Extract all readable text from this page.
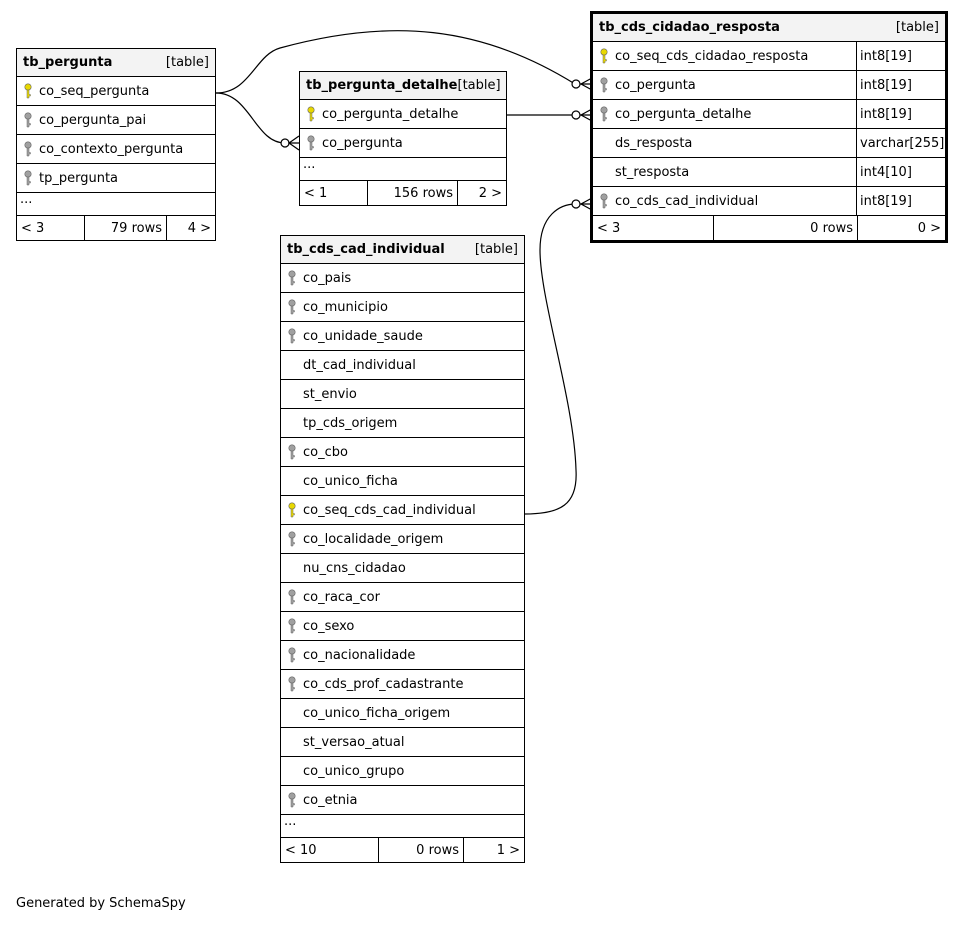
tb_pergunta	[table]
co_seq_pergunta
co_pergunta_pai
co_contexto_pergunta
tp_pergunta
...
< 3	79 rows	4 >
tb_pergunta_detalhe [table]
co_pergunta_detalhe
co_pergunta
...
< 1	156 rows	2 >
tb_cds_cidadao_resposta	[table]
co_seq_cds_cidadao_resposta	int8[19]
co_pergunta	int8[19]
co_pergunta_detalhe	int8[19]
ds_resposta	varchar[255]
st_resposta	int4[10]
co_cds_cad_individual	int8[19]
< 3	0 rows	0 >
tb_cds_cad_individual [table]
co_pais
co_municipio
co_unidade_saude
dt_cad_individual
st_envio
tp_cds_origem
co_cbo
co_unico_ficha
co_seq_cds_cad_individual
co_localidade_origem
nu_cns_cidadao
co_raca_cor
co_sexo
co_nacionalidade
co_cds_prof_cadastrante
co_unico_ficha_origem
st_versao_atual
co_unico_grupo
co_etnia
...
< 10	0 rows	1 >
Generated by SchemaSpy
